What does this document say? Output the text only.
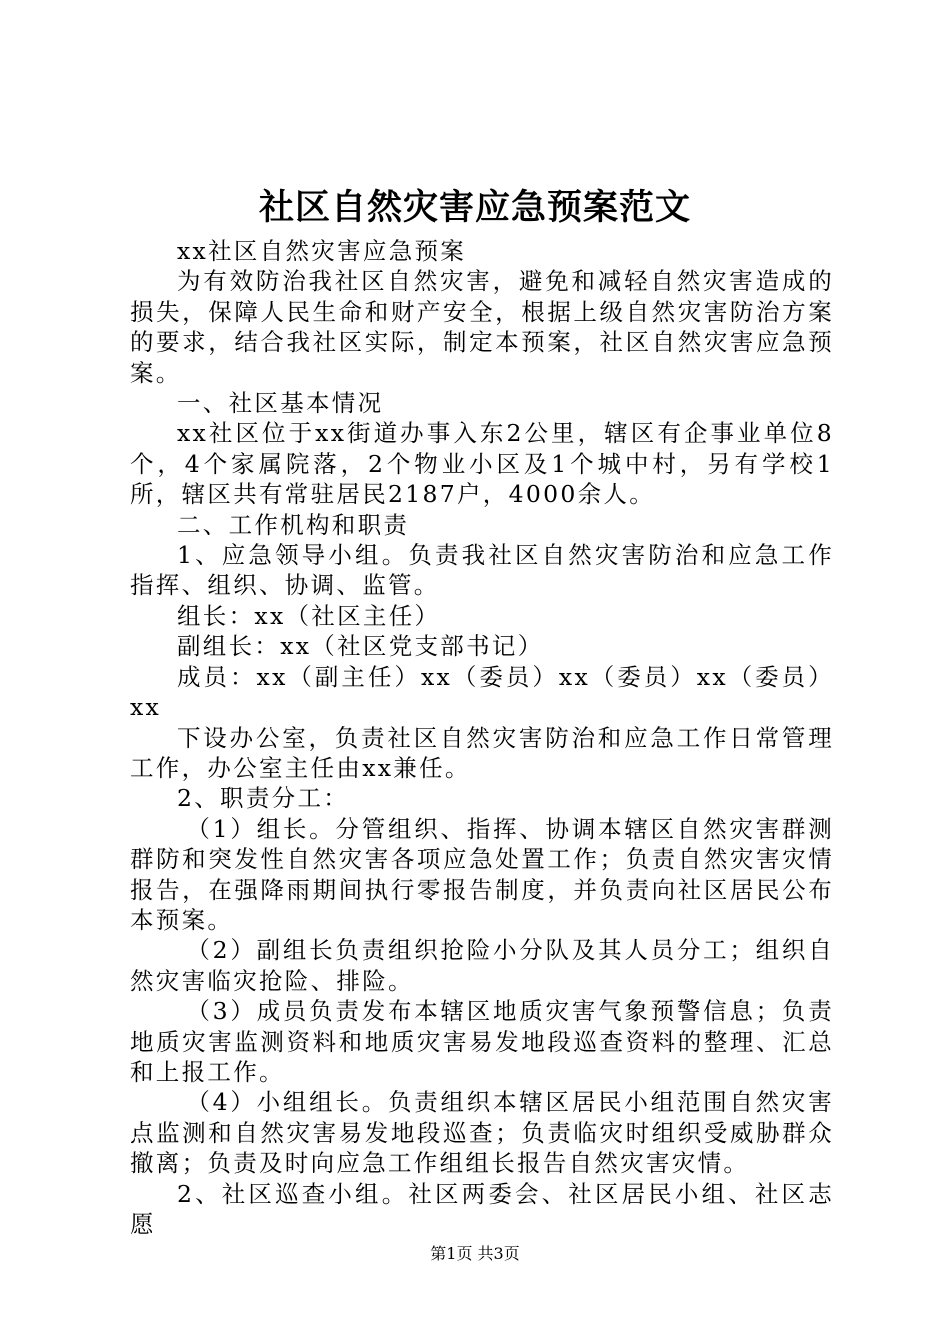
社区自然灾害应急预案范文

xx社区自然灾害应急预案

为有效防治我社区自然灾害，避免和减轻自然灾害造成的损失，保障人民生命和财产安全，根据上级自然灾害防治方案的要求，结合我社区实际，制定本预案，社区自然灾害应急预案。

一、社区基本情况

xx社区位于xx街道办事入东2公里，辖区有企事业单位8个，4个家属院落，2个物业小区及1个城中村，另有学校1所，辖区共有常驻居民2187户，4000余人。

二、工作机构和职责

1、应急领导小组。负责我社区自然灾害防治和应急工作指挥、组织、协调、监管。

组长：xx（社区主任）

副组长：xx（社区党支部书记）

成员：xx（副主任）xx（委员）xx（委员）xx（委员）xx

下设办公室，负责社区自然灾害防治和应急工作日常管理工作，办公室主任由xx兼任。

2、职责分工：

（1）组长。分管组织、指挥、协调本辖区自然灾害群测群防和突发性自然灾害各项应急处置工作；负责自然灾害灾情报告，在强降雨期间执行零报告制度，并负责向社区居民公布本预案。

（2）副组长负责组织抢险小分队及其人员分工；组织自然灾害临灾抢险、排险。

（3）成员负责发布本辖区地质灾害气象预警信息；负责地质灾害监测资料和地质灾害易发地段巡查资料的整理、汇总和上报工作。

（4）小组组长。负责组织本辖区居民小组范围自然灾害点监测和自然灾害易发地段巡查；负责临灾时组织受威胁群众撤离；负责及时向应急工作组组长报告自然灾害灾情。

2、社区巡查小组。社区两委会、社区居民小组、社区志愿

第1页 共3页
